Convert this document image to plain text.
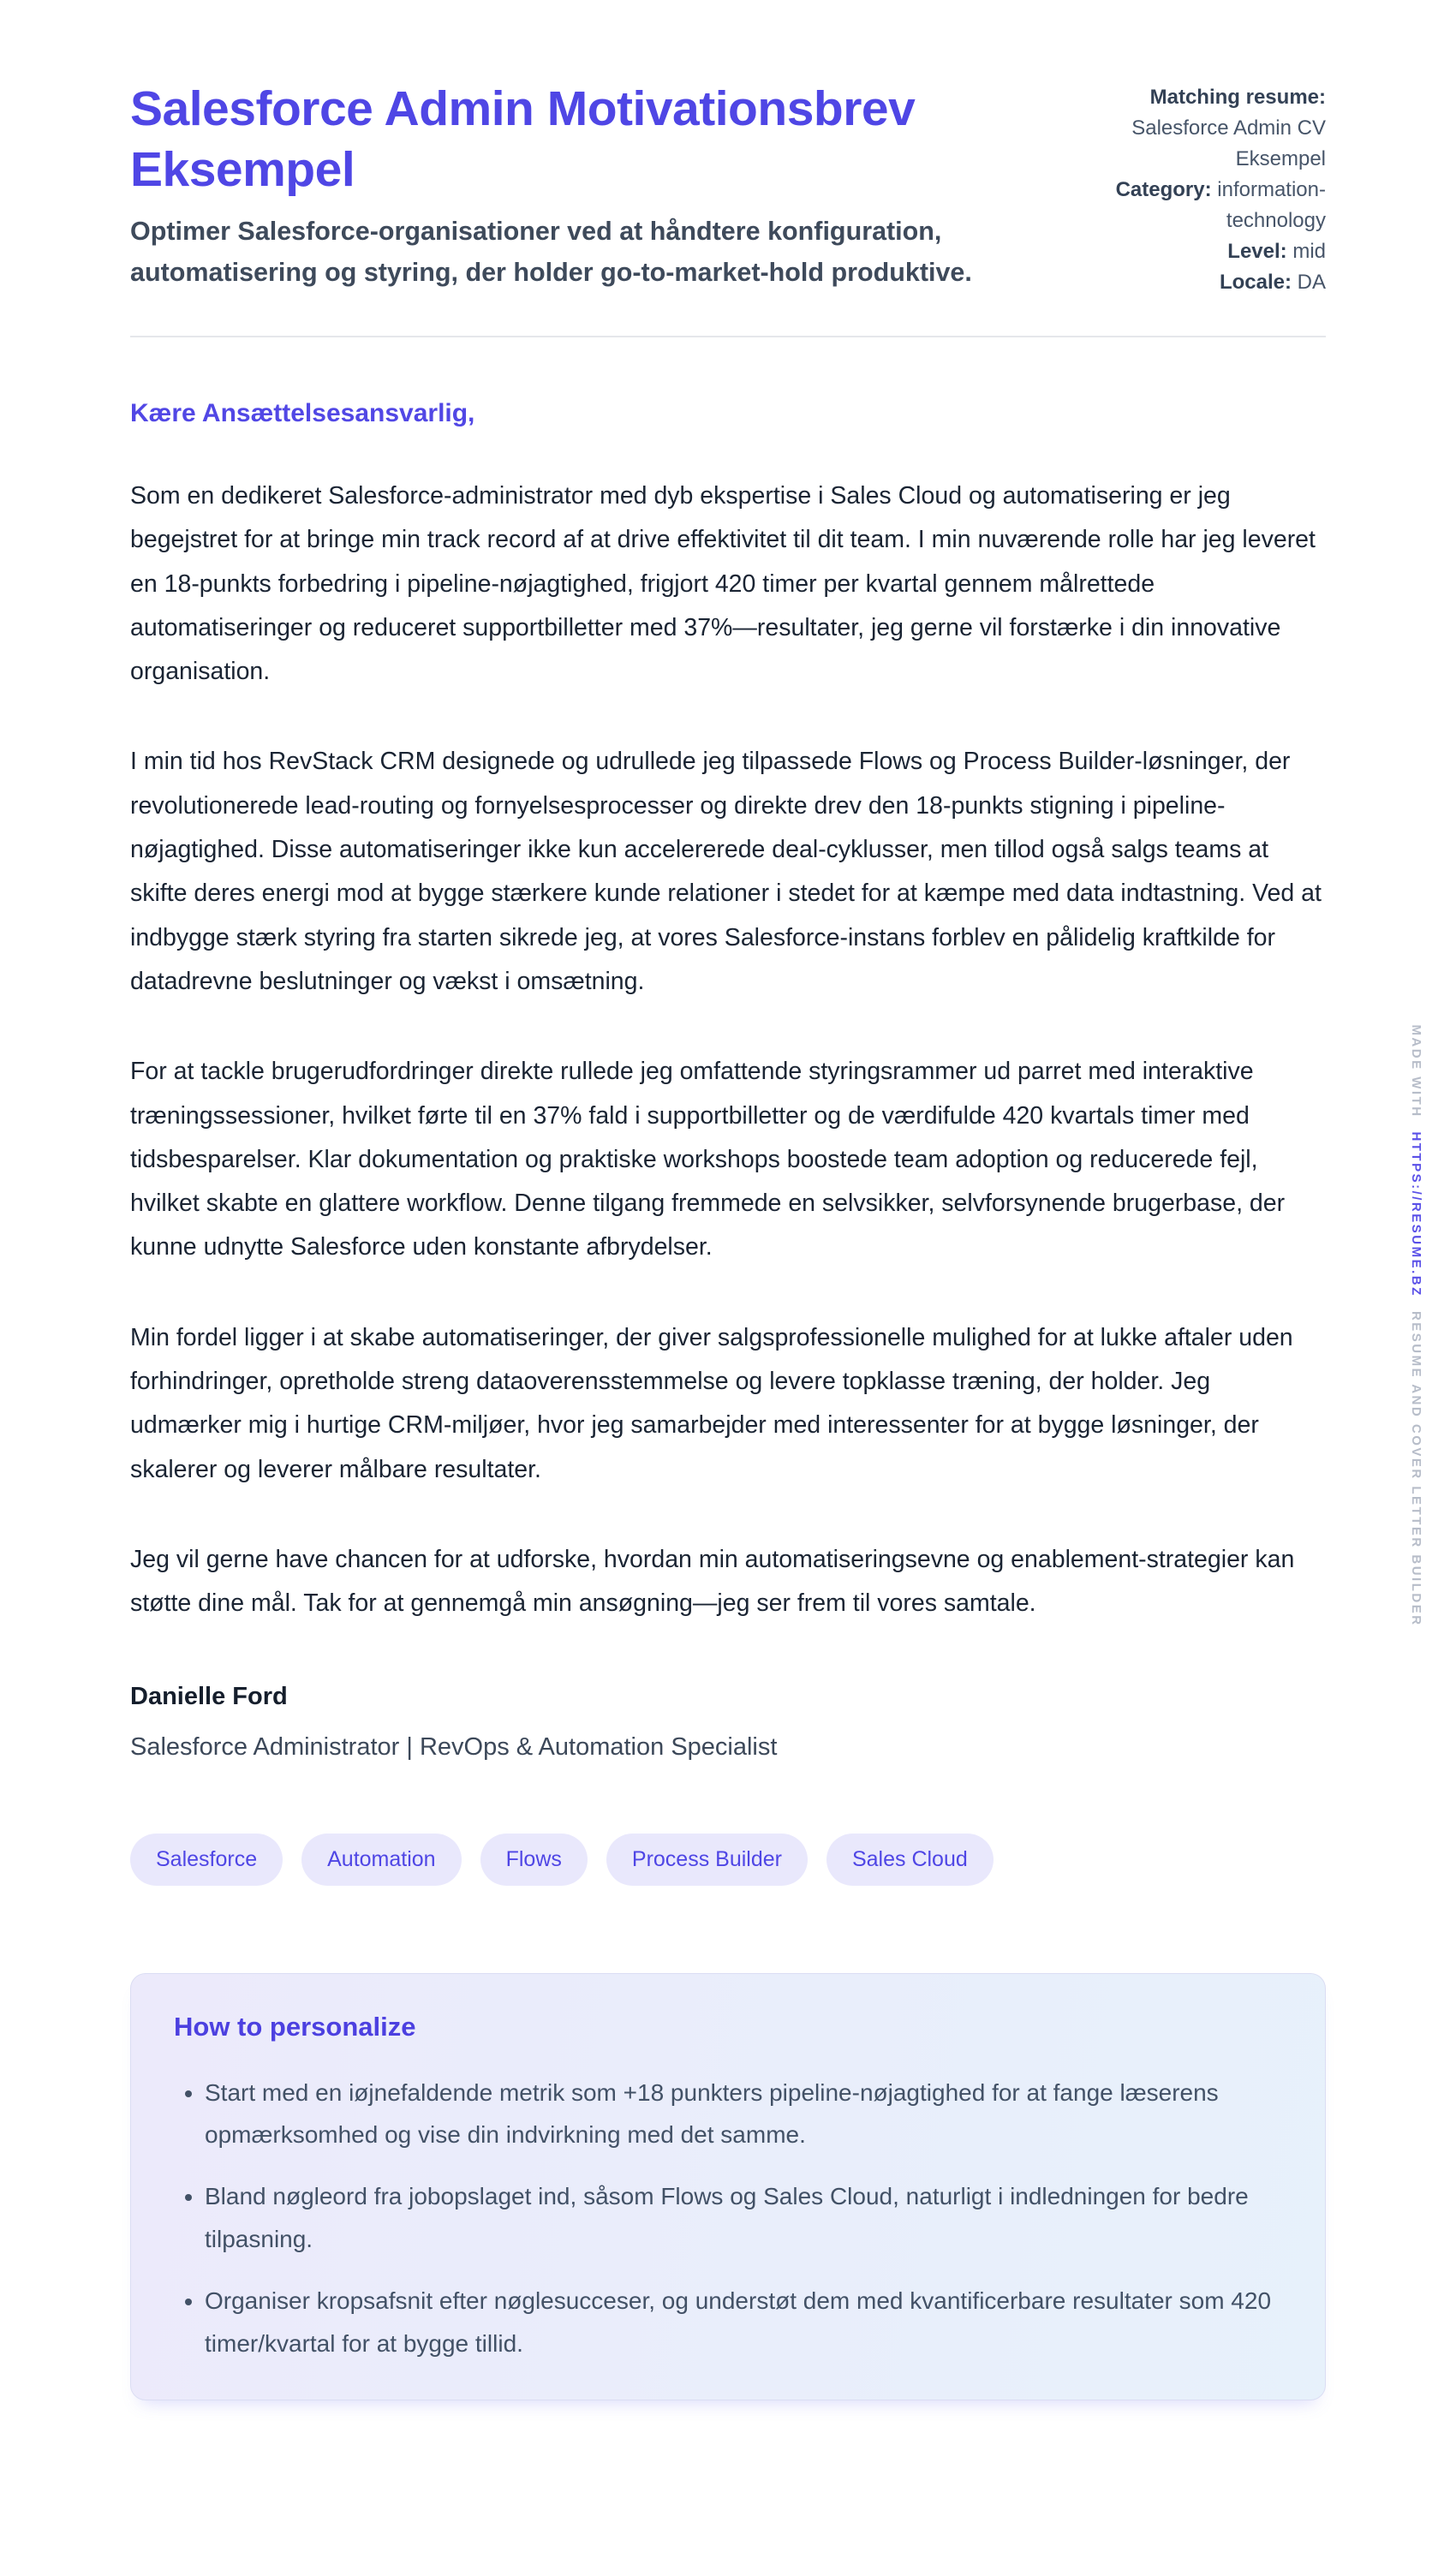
Salesforce Admin Motivationsbrev Eksempel

Optimer Salesforce-organisationer ved at håndtere konfiguration, automatisering og styring, der holder go-to-market-hold produktive.

Matching resume: Salesforce Admin CV Eksempel
Category: information-technology
Level: mid
Locale: DA
Kære Ansættelsesansvarlig,

Som en dedikeret Salesforce-administrator med dyb ekspertise i Sales Cloud og automatisering er jeg begejstret for at bringe min track record af at drive effektivitet til dit team. I min nuværende rolle har jeg leveret en 18-punkts forbedring i pipeline-nøjagtighed, frigjort 420 timer per kvartal gennem målrettede automatiseringer og reduceret supportbilletter med 37%—resultater, jeg gerne vil forstærke i din innovative organisation.

I min tid hos RevStack CRM designede og udrullede jeg tilpassede Flows og Process Builder-løsninger, der revolutionerede lead-routing og fornyelsesprocesser og direkte drev den 18-punkts stigning i pipeline-nøjagtighed. Disse automatiseringer ikke kun accelererede deal-cyklusser, men tillod også salgs teams at skifte deres energi mod at bygge stærkere kunde relationer i stedet for at kæmpe med data indtastning. Ved at indbygge stærk styring fra starten sikrede jeg, at vores Salesforce-instans forblev en pålidelig kraftkilde for datadrevne beslutninger og vækst i omsætning.

For at tackle brugerudfordringer direkte rullede jeg omfattende styringsrammer ud parret med interaktive træningssessioner, hvilket førte til en 37% fald i supportbilletter og de værdifulde 420 kvartals timer med tidsbesparelser. Klar dokumentation og praktiske workshops boostede team adoption og reducerede fejl, hvilket skabte en glattere workflow. Denne tilgang fremmede en selvsikker, selvforsynende brugerbase, der kunne udnytte Salesforce uden konstante afbrydelser.

Min fordel ligger i at skabe automatiseringer, der giver salgsprofessionelle mulighed for at lukke aftaler uden forhindringer, opretholde streng dataoverensstemmelse og levere topklasse træning, der holder. Jeg udmærker mig i hurtige CRM-miljøer, hvor jeg samarbejder med interessenter for at bygge løsninger, der skalerer og leverer målbare resultater.

Jeg vil gerne have chancen for at udforske, hvordan min automatiseringsevne og enablement-strategier kan støtte dine mål. Tak for at gennemgå min ansøgning—jeg ser frem til vores samtale.

Danielle Ford
Salesforce Administrator | RevOps & Automation Specialist
Salesforce	Automation	Flows	Process Builder	Sales Cloud
How to personalize
• Start med en iøjnefaldende metrik som +18 punkters pipeline-nøjagtighed for at fange læserens opmærksomhed og vise din indvirkning med det samme.
• Bland nøgleord fra jobopslaget ind, såsom Flows og Sales Cloud, naturligt i indledningen for bedre tilpasning.
• Organiser kropsafsnit efter nøglesucceser, og understøt dem med kvantificerbare resultater som 420 timer/kvartal for at bygge tillid.
MADE WITHHTTPS://RESUME.BZRESUME AND COVER LETTER BUILDER
